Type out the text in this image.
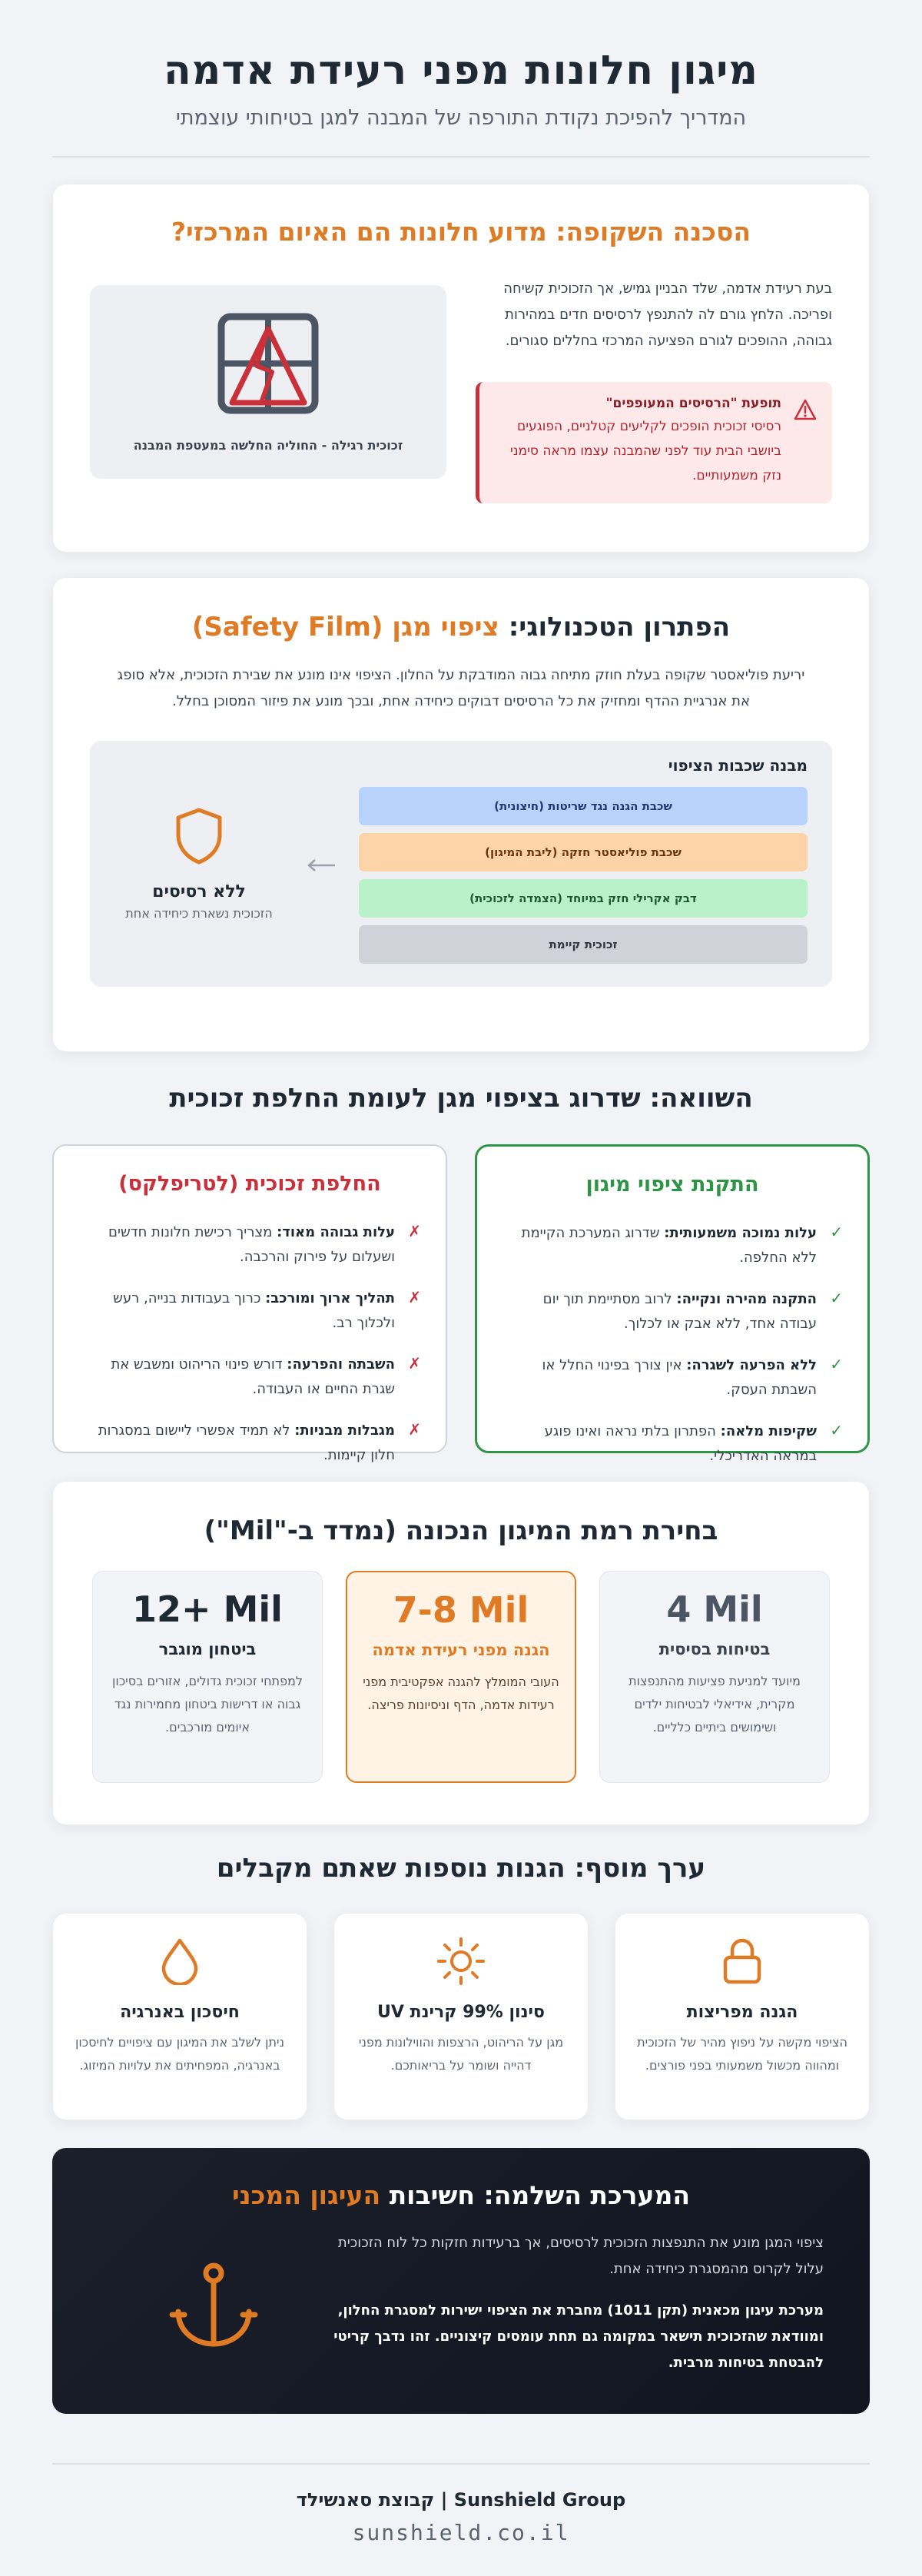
מיגון חלונות מפני רעידת אדמה

המדריך להפיכת נקודת התורפה של המבנה למגן בטיחותי עוצמתי

הסכנה השקופה: מדוע חלונות הם האיום המרכזי?

בעת רעידת אדמה, שלד הבניין גמיש, אך הזכוכית קשיחה ופריכה. הלחץ גורם לה להתנפץ לרסיסים חדים במהירות גבוהה, ההופכים לגורם הפציעה המרכזי בחללים סגורים.

תופעת "הרסיסים המעופפים"
רסיסי זכוכית הופכים לקליעים קטלניים, הפוגעים ביושבי הבית עוד לפני שהמבנה עצמו מראה סימני נזק משמעותיים.
זכוכית רגילה - החוליה החלשה במעטפת המבנה
הפתרון הטכנולוגי: ציפוי מגן (Safety Film)

יריעת פוליאסטר שקופה בעלת חוזק מתיחה גבוה המודבקת על החלון. הציפוי אינו מונע את שבירת הזכוכית, אלא סופג את אנרגיית ההדף ומחזיק את כל הרסיסים דבוקים כיחידה אחת, ובכך מונע את פיזור המסוכן בחלל.

מבנה שכבות הציפוי
שכבת הגנה נגד שריטות (חיצונית)
שכבת פוליאסטר חזקה (ליבת המיגון)
דבק אקרילי חזק במיוחד (הצמדה לזכוכית)
זכוכית קיימת
ללא רסיסים
הזכוכית נשארת כיחידה אחת
השוואה: שדרוג בציפוי מגן לעומת החלפת זכוכית
התקנת ציפוי מיגון
✓

עלות נמוכה משמעותית: שדרוג המערכת הקיימת ללא החלפה.

✓

התקנה מהירה ונקייה: לרוב מסתיימת תוך יום עבודה אחד, ללא אבק או לכלוך.

✓

ללא הפרעה לשגרה: אין צורך בפינוי החלל או השבתת העסק.

✓

שקיפות מלאה: הפתרון בלתי נראה ואינו פוגע במראה האדריכלי.

החלפת זכוכית (לטריפלקס)
✗

עלות גבוהה מאוד: מצריך רכישת חלונות חדשים ושעלום על פירוק והרכבה.

✗

תהליך ארוך ומורכב: כרוך בעבודות בנייה, רעש ולכלוך רב.

✗

השבתה והפרעה: דורש פינוי הריהוט ומשבש את שגרת החיים או העבודה.

✗

מגבלות מבניות: לא תמיד אפשרי ליישום במסגרות חלון קיימות.

בחירת רמת המיגון הנכונה (נמדד ב-"Mil")
4 Mil
בטיחות בסיסית
מיועד למניעת פציעות מהתנפצות מקרית, אידיאלי לבטיחות ילדים ושימושים ביתיים כלליים.
7-8 Mil
הגנה מפני רעידת אדמה
העובי המומלץ להגנה אפקטיבית מפני רעידות אדמה, הדף וניסיונות פריצה.
12+ Mil
ביטחון מוגבר
למפתחי זכוכית גדולים, אזורים בסיכון גבוה או דרישות ביטחון מחמירות נגד איומים מורכבים.
ערך מוסף: הגנות נוספות שאתם מקבלים
הגנה מפריצות
הציפוי מקשה על ניפוץ מהיר של הזכוכית ומהווה מכשול משמעותי בפני פורצים.
סינון 99% קרינת UV
מגן על הריהוט, הרצפות והווילונות מפני דהייה ושומר על בריאותכם.
חיסכון באנרגיה
ניתן לשלב את המיגון עם ציפויים לחיסכון באנרגיה, המפחיתים את עלויות המיזוג.
המערכת השלמה: חשיבות העיגון המכני

ציפוי המגן מונע את התנפצות הזכוכית לרסיסים, אך ברעידות חזקות כל לוח הזכוכית עלול לקרוס מהמסגרת כיחידה אחת.

מערכת עיגון מכאנית (תקן 1011) מחברת את הציפוי ישירות למסגרת החלון, ומוודאת שהזכוכית תישאר במקומה גם תחת עומסים קיצוניים. זהו נדבך קריטי להבטחת בטיחות מרבית.

Sunshield Group | קבוצת סאנשילד
sunshield.co.il
